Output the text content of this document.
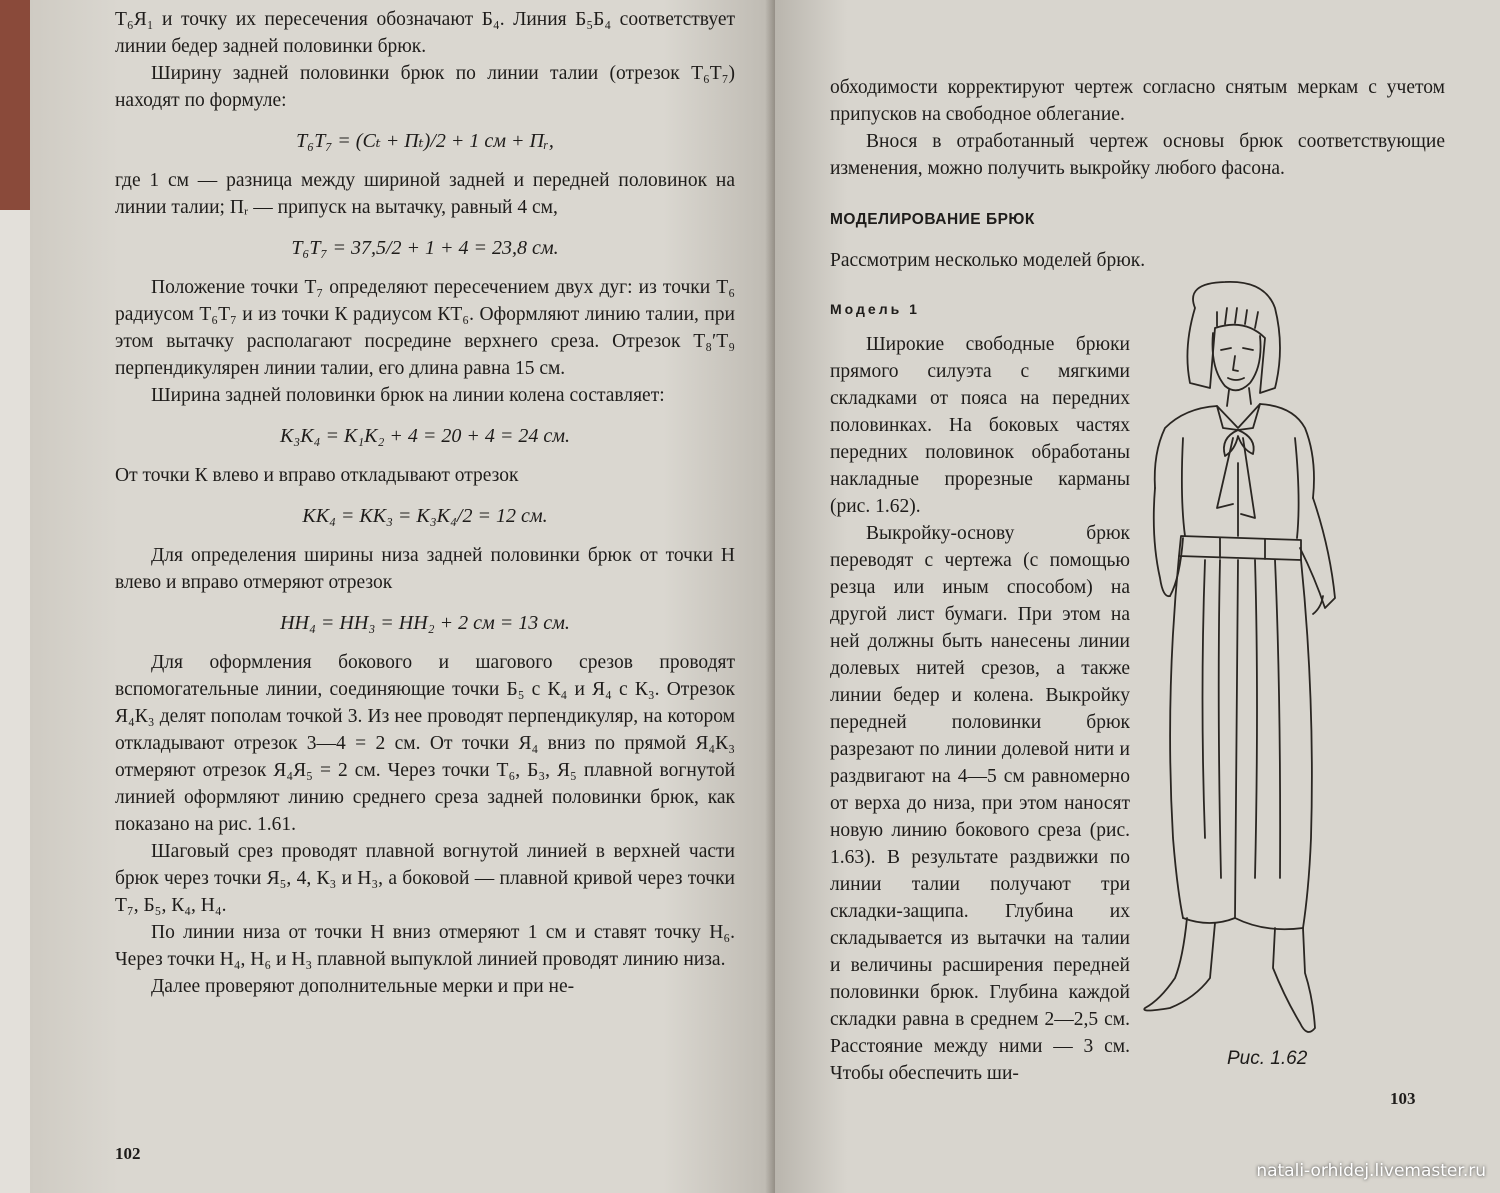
Т₆Я₁ и точку их пересечения обозначают Б₄. Линия Б₅Б₄ соответствует линии бедер задней половинки брюк.

Ширину задней половинки брюк по линии талии (отрезок Т₆Т₇) находят по формуле:

Т₆Т₇ = (Сₜ + Пₜ)/2 + 1 см + Пᵣ,

где 1 см — разница между шириной задней и передней половинок на линии талии; Пᵣ — припуск на вытачку, равный 4 см,

Т₆Т₇ = 37,5/2 + 1 + 4 = 23,8 см.

Положение точки Т₇ определяют пересечением двух дуг: из точки Т₆ радиусом Т₆Т₇ и из точки К радиусом КТ₆. Оформляют линию талии, при этом вытачку располагают посредине верхнего среза. Отрезок Т₈′Т₉ перпендикулярен линии талии, его длина равна 15 см.

Ширина задней половинки брюк на линии колена составляет:

К₃К₄ = К₁К₂ + 4 = 20 + 4 = 24 см.

От точки К влево и вправо откладывают отрезок

КК₄ = КК₃ = К₃К₄/2 = 12 см.

Для определения ширины низа задней половинки брюк от точки Н влево и вправо отмеряют отрезок

НН₄ = НН₃ = НН₂ + 2 см = 13 см.

Для оформления бокового и шагового срезов проводят вспомогательные линии, соединяющие точки Б₅ с К₄ и Я₄ с К₃. Отрезок Я₄К₃ делят пополам точкой 3. Из нее проводят перпендикуляр, на котором откладывают отрезок 3—4 = 2 см. От точки Я₄ вниз по прямой Я₄К₃ отмеряют отрезок Я₄Я₅ = 2 см. Через точки Т₆, Б₃, Я₅ плавной вогнутой линией оформляют линию среднего среза задней половинки брюк, как показано на рис. 1.61.

Шаговый срез проводят плавной вогнутой линией в верхней части брюк через точки Я₅, 4, К₃ и Н₃, а боковой — плавной кривой через точки Т₇, Б₅, К₄, Н₄.

По линии низа от точки Н вниз отмеряют 1 см и ставят точку Н₆. Через точки Н₄, Н₆ и Н₃ плавной выпуклой линией проводят линию низа.

Далее проверяют дополнительные мерки и при не-

102

обходимости корректируют чертеж согласно снятым меркам с учетом припусков на свободное облегание.

Внося в отработанный чертеж основы брюк соответствующие изменения, можно получить выкройку любого фасона.

МОДЕЛИРОВАНИЕ БРЮК

Рассмотрим несколько моделей брюк.

Модель 1

Широкие свободные брюки прямого силуэта с мягкими складками от пояса на передних половинках. На боковых частях передних половинок обработаны накладные прорезные карманы (рис. 1.62).

Выкройку-основу брюк переводят с чертежа (с помощью резца или иным способом) на другой лист бумаги. При этом на ней должны быть нанесены линии долевых нитей срезов, а также линии бедер и колена. Выкройку передней половинки брюк разрезают по линии долевой нити и раздвигают на 4—5 см равномерно от верха до низа, при этом наносят новую линию бокового среза (рис. 1.63). В результате раздвижки по линии талии получают три складки-защипа. Глубина их складывается из вытачки на талии и величины расширения передней половинки брюк. Глубина каждой складки равна в среднем 2—2,5 см. Расстояние между ними — 3 см. Чтобы обеспечить ши-

Рис. 1.62
103
natali-orhidej.livemaster.ru
